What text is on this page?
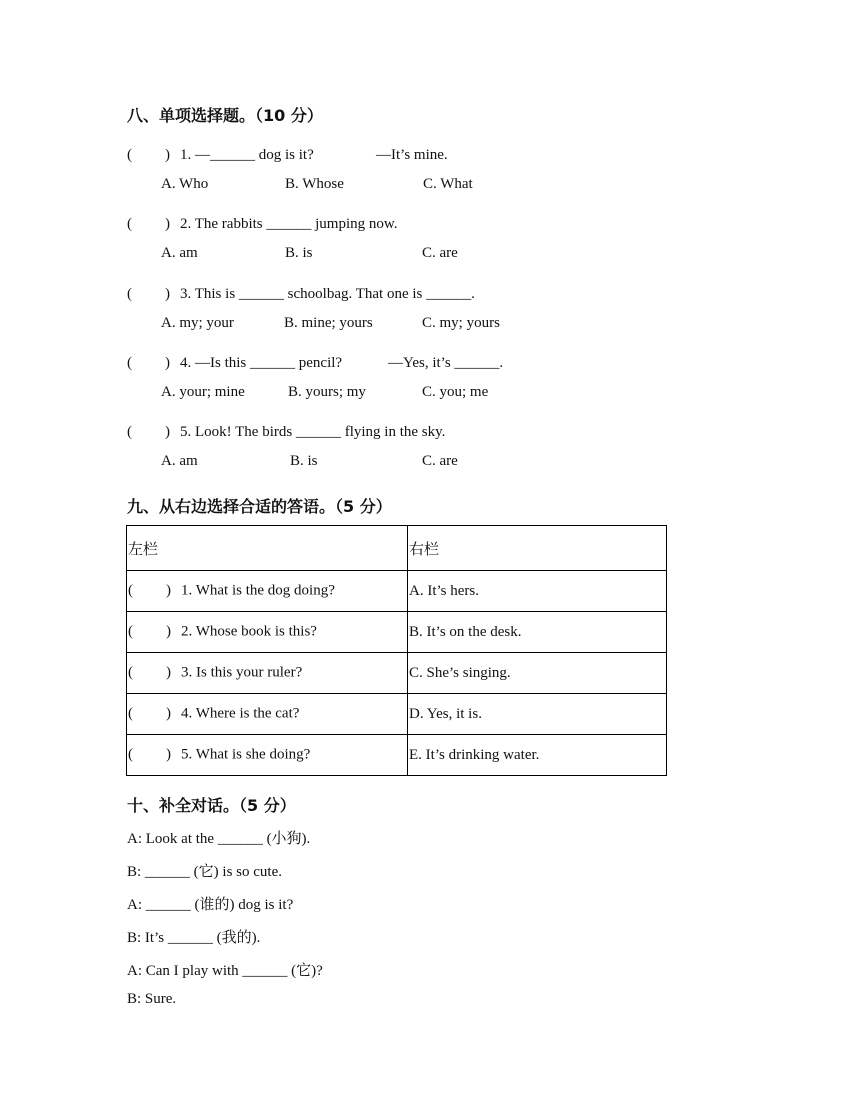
八、单项选择题。（10 分）
( ) 1. —______ dog is it?	—It’s mine.
A. Who	B. Whose	C. What
( ) 2. The rabbits ______ jumping now.
A. am	B. is	C. are
( ) 3. This is ______ schoolbag. That one is ______.
A. my; your	B. mine; yours	C. my; yours
( ) 4. —Is this ______ pencil?	—Yes, it’s ______.
A. your; mine	B. yours; my	C. you; me
( ) 5. Look! The birds ______ flying in the sky.
A. am	B. is	C. are
九、从右边选择合适的答语。（5 分）
左栏	右栏

( ) 1. What is the dog doing?	A. It’s hers.

( ) 2. Whose book is this?	B. It’s on the desk.

( ) 3. Is this your ruler?	C. She’s singing.

( ) 4. Where is the cat?	D. Yes, it is.

( ) 5. What is she doing?	E. It’s drinking water.
十、补全对话。（5 分）
A: Look at the ______ (小狗).
B: ______ (它) is so cute.
A: ______ (谁的) dog is it?
B: It’s ______ (我的).
A: Can I play with ______ (它)?
B: Sure.
